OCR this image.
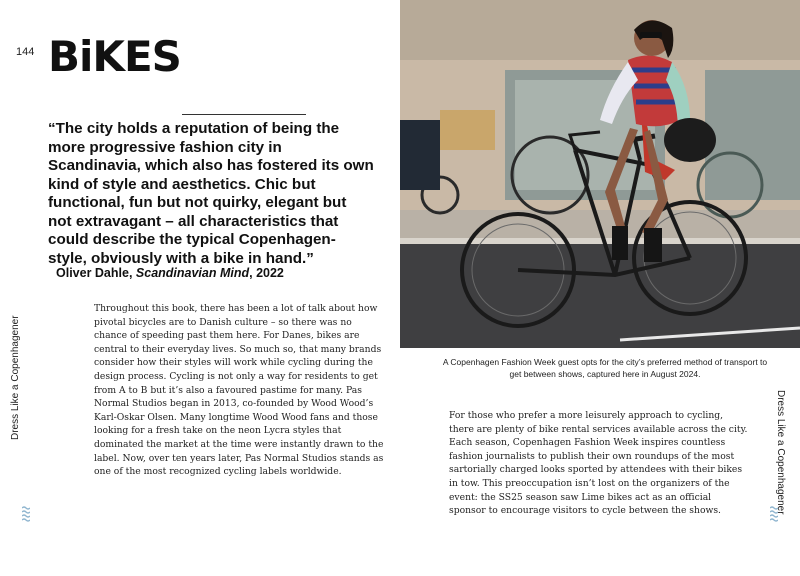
144 BiKES

“The city holds a reputation of being the more progressive fashion city in Scandinavia, which also has fostered its own kind of style and aesthetics. Chic but functional, fun but not quirky, elegant but not extravagant – all characteristics that could describe the typical Copenhagen-style, obviously with a bike in hand.”

Oliver Dahle, Scandinavian Mind, 2022

Throughout this book, there has been a lot of talk about how pivotal bicycles are to Danish culture – so there was no chance of speeding past them here. For Danes, bikes are central to their everyday lives. So much so, that many brands consider how their styles will work while cycling during the design process. Cycling is not only a way for residents to get from A to B but it’s also a favoured pastime for many. Pas Normal Studios began in 2013, co-founded by Wood Wood’s Karl-Oskar Olsen. Many longtime Wood Wood fans and those looking for a fresh take on the neon Lycra styles that dominated the market at the time were instantly drawn to the label. Now, over ten years later, Pas Normal Studios stands as one of the most recognized cycling labels worldwide.

Dress Like a Copenhagener	A Copenhagen Fashion Week guest opts for the city’s preferred method of transport to get between shows, captured here in August 2024.

For those who prefer a more leisurely approach to cycling, there are plenty of bike rental services available across the city. Each season, Copenhagen Fashion Week inspires countless fashion journalists to publish their own roundups of the most sartorially charged looks sported by attendees with their bikes in tow. This preoccupation isn’t lost on the organizers of the event: the SS25 season saw Lime bikes act as an official sponsor to encourage visitors to cycle between the shows.	Dress Like a Copenhagener
